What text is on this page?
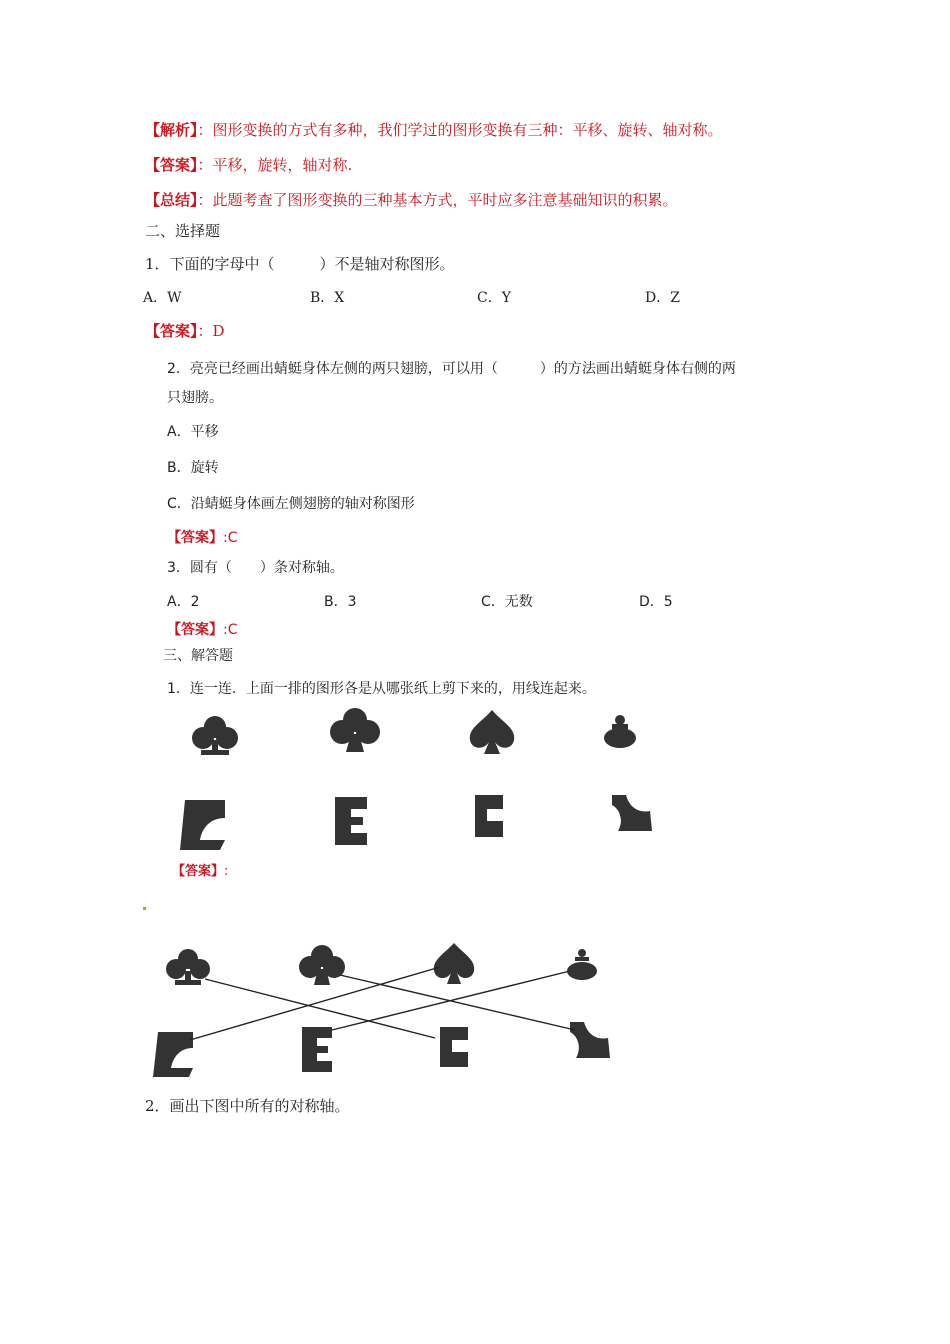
【解析】：图形变换的方式有多种，我们学过的图形变换有三种：平移、旋转、轴对称。
【答案】：平移，旋转，轴对称.
【总结】：此题考查了图形变换的三种基本方式，平时应多注意基础知识的积累。
二、选择题
1．下面的字母中（　　　）不是轴对称图形。
A．W	B．X	C．Y	D．Z
【答案】：D
2．亮亮已经画出蜻蜓身体左侧的两只翅膀，可以用（　　　）的方法画出蜻蜓身体右侧的两
只翅膀。
A．平移
B．旋转
C．沿蜻蜓身体画左侧翅膀的轴对称图形
【答案】:C
3．圆有（　　）条对称轴。
A．2	B．3	C．无数	D．5
【答案】:C
三、解答题
1．连一连．上面一排的图形各是从哪张纸上剪下来的，用线连起来。
【答案】:
2．画出下图中所有的对称轴。
